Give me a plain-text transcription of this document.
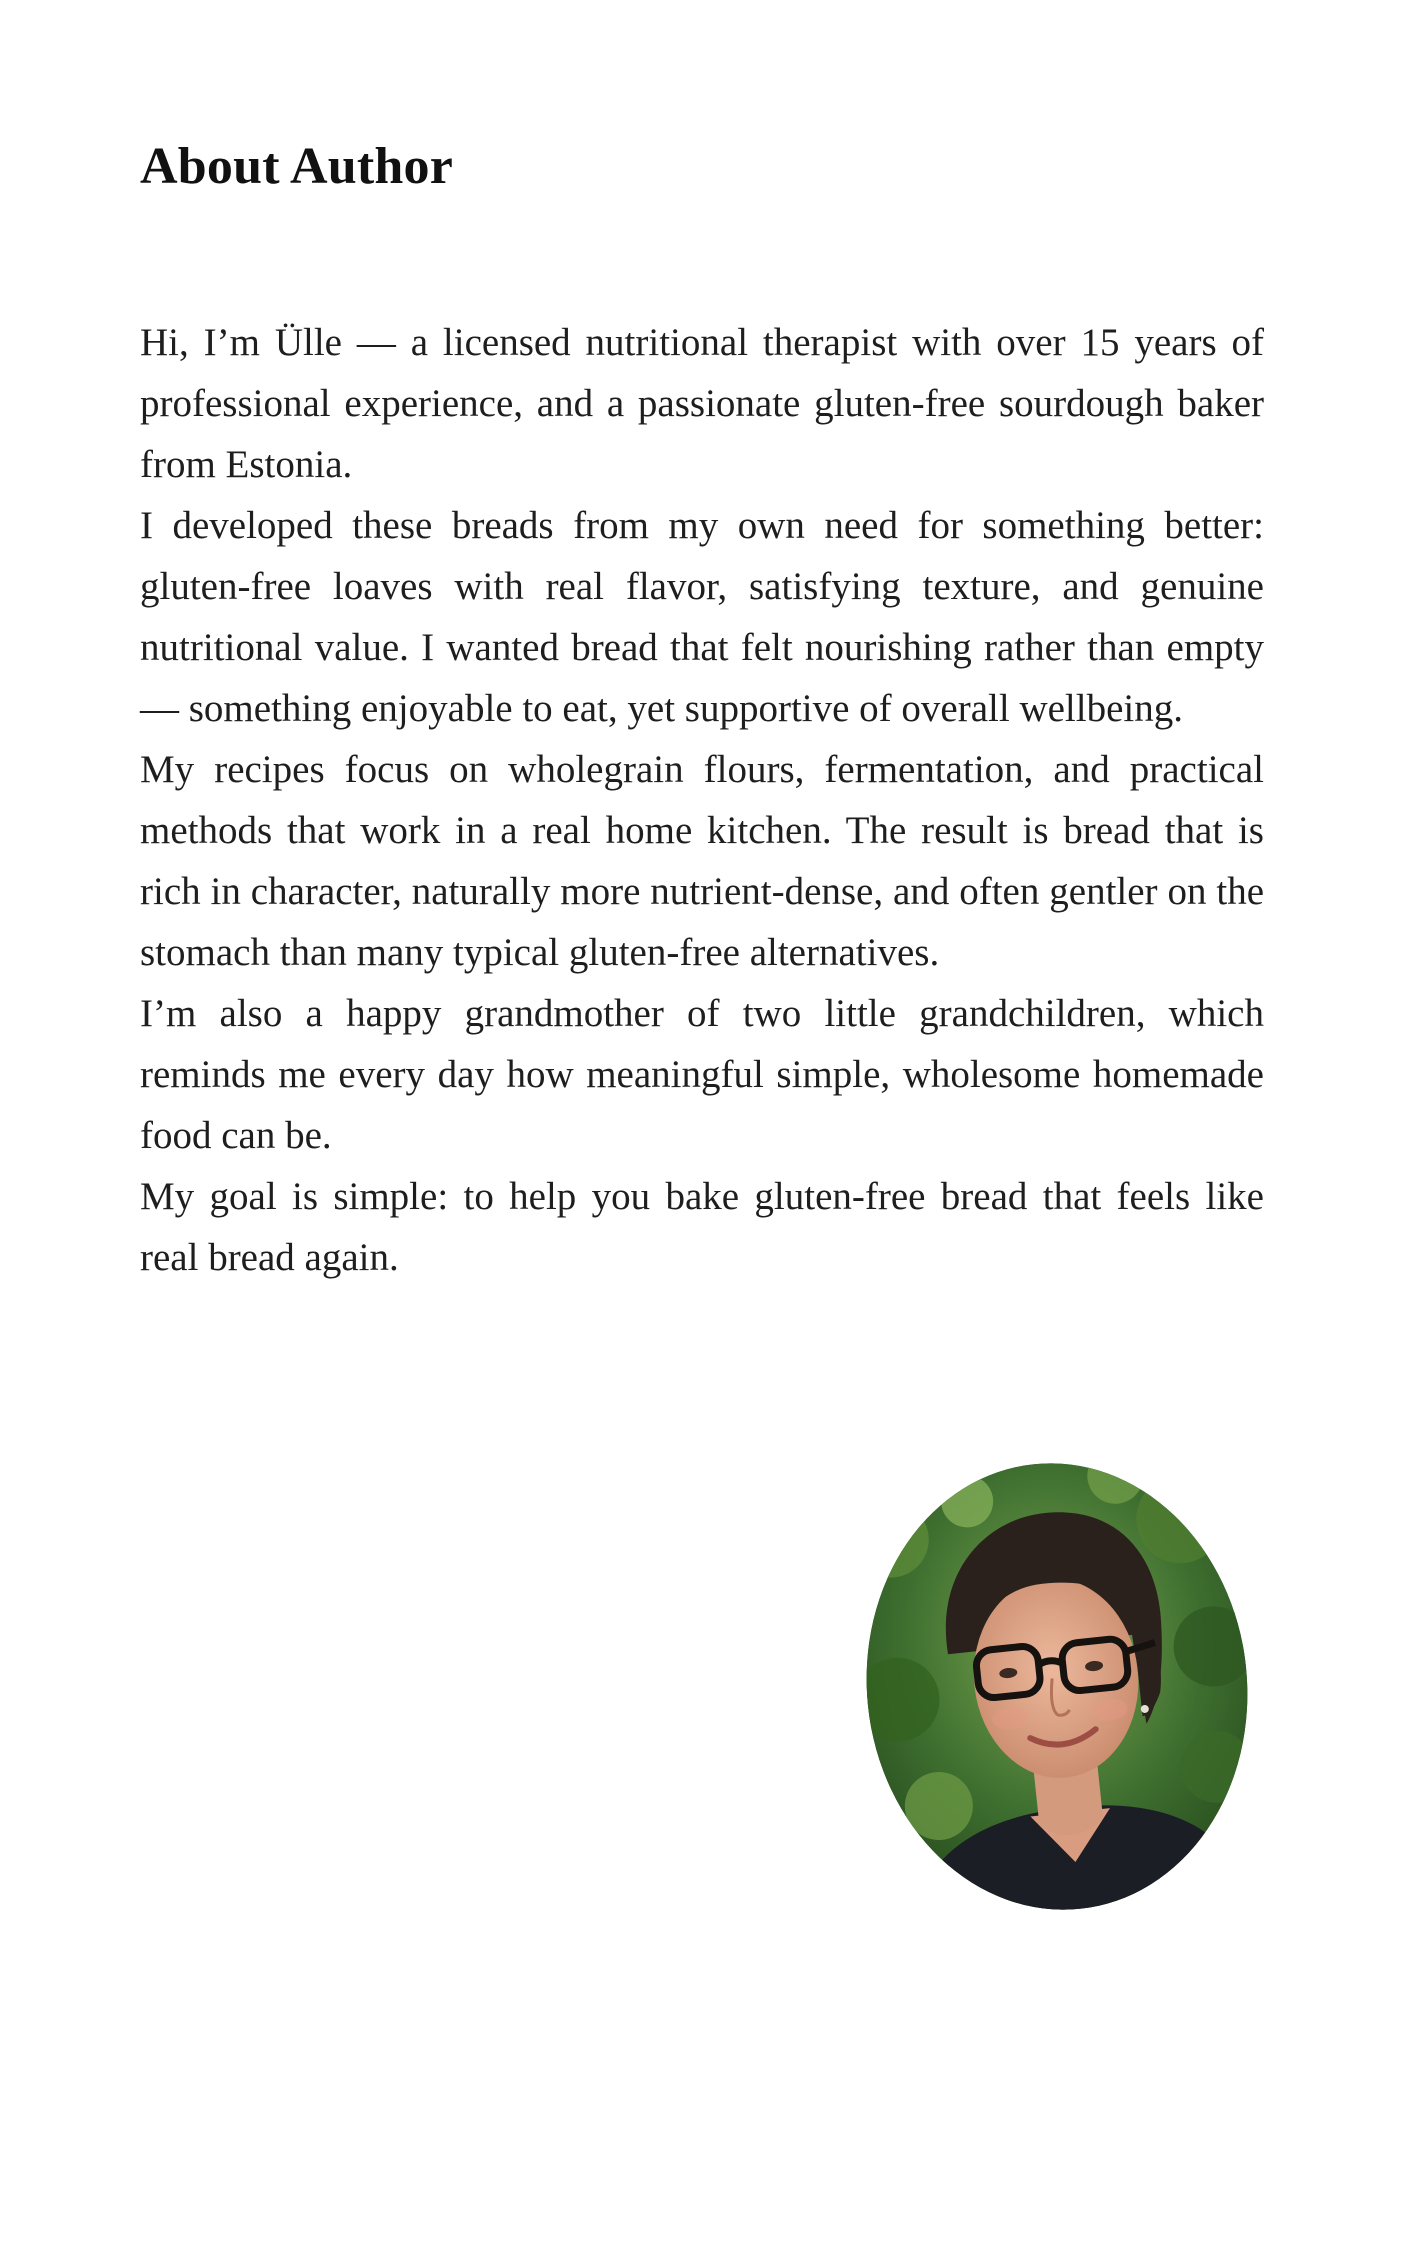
About Author

Hi, I’m Ülle — a licensed nutritional therapist with over 15 years of professional experience, and a passionate gluten-free sourdough baker from Estonia.

I developed these breads from my own need for something better: gluten-free loaves with real flavor, satisfying texture, and genuine nutritional value. I wanted bread that felt nourishing rather than empty — something enjoyable to eat, yet supportive of overall wellbeing.

My recipes focus on wholegrain flours, fermentation, and practical methods that work in a real home kitchen. The result is bread that is rich in character, naturally more nutrient-dense, and often gentler on the stomach than many typical gluten-free alternatives.

I’m also a happy grandmother of two little grandchildren, which reminds me every day how meaningful simple, wholesome homemade food can be.

My goal is simple: to help you bake gluten-free bread that feels like real bread again.
